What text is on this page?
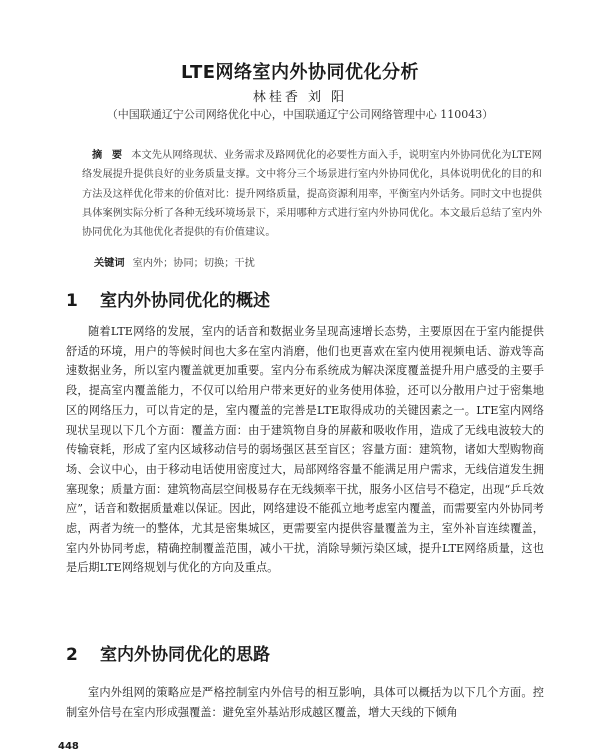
LTE网络室内外协同优化分析
林桂香 刘 阳
（中国联通辽宁公司网络优化中心，中国联通辽宁公司网络管理中心 110043）
摘 要 本文先从网络现状、业务需求及路网优化的必要性方面入手，说明室内外协同优化为LTE网络发展提升提供良好的业务质量支撑。文中将分三个场景进行室内外协同优化，具体说明优化的目的和方法及这样优化带来的价值对比：提升网络质量，提高资源利用率，平衡室内外话务。同时文中也提供具体案例实际分析了各种无线环境场景下，采用哪种方式进行室内外协同优化。本文最后总结了室内外协同优化为其他优化者提供的有价值建议。
关键词 室内外；协同；切换；干扰
1 室内外协同优化的概述
随着LTE网络的发展，室内的话音和数据业务呈现高速增长态势，主要原因在于室内能提供舒适的环境，用户的等候时间也大多在室内消磨，他们也更喜欢在室内使用视频电话、游戏等高速数据业务，所以室内覆盖就更加重要。室内分布系统成为解决深度覆盖提升用户感受的主要手段，提高室内覆盖能力，不仅可以给用户带来更好的业务使用体验，还可以分散用户过于密集地区的网络压力，可以肯定的是，室内覆盖的完善是LTE取得成功的关键因素之一。LTE室内网络现状呈现以下几个方面：覆盖方面：由于建筑物自身的屏蔽和吸收作用，造成了无线电波较大的传输衰耗，形成了室内区域移动信号的弱场强区甚至盲区；容量方面：建筑物，诸如大型购物商场、会议中心，由于移动电话使用密度过大，局部网络容量不能满足用户需求，无线信道发生拥塞现象；质量方面：建筑物高层空间极易存在无线频率干扰，服务小区信号不稳定，出现“乒乓效应”，话音和数据质量难以保证。因此，网络建设不能孤立地考虑室内覆盖，而需要室内外协同考虑，两者为统一的整体，尤其是密集城区，更需要室内提供容量覆盖为主，室外补盲连续覆盖，室内外协同考虑，精确控制覆盖范围，减小干扰，消除导频污染区域，提升LTE网络质量，这也是后期LTE网络规划与优化的方向及重点。
2 室内外协同优化的思路
室内外组网的策略应是严格控制室内外信号的相互影响，具体可以概括为以下几个方面。控制室外信号在室内形成强覆盖：避免室外基站形成越区覆盖，增大天线的下倾角
448
